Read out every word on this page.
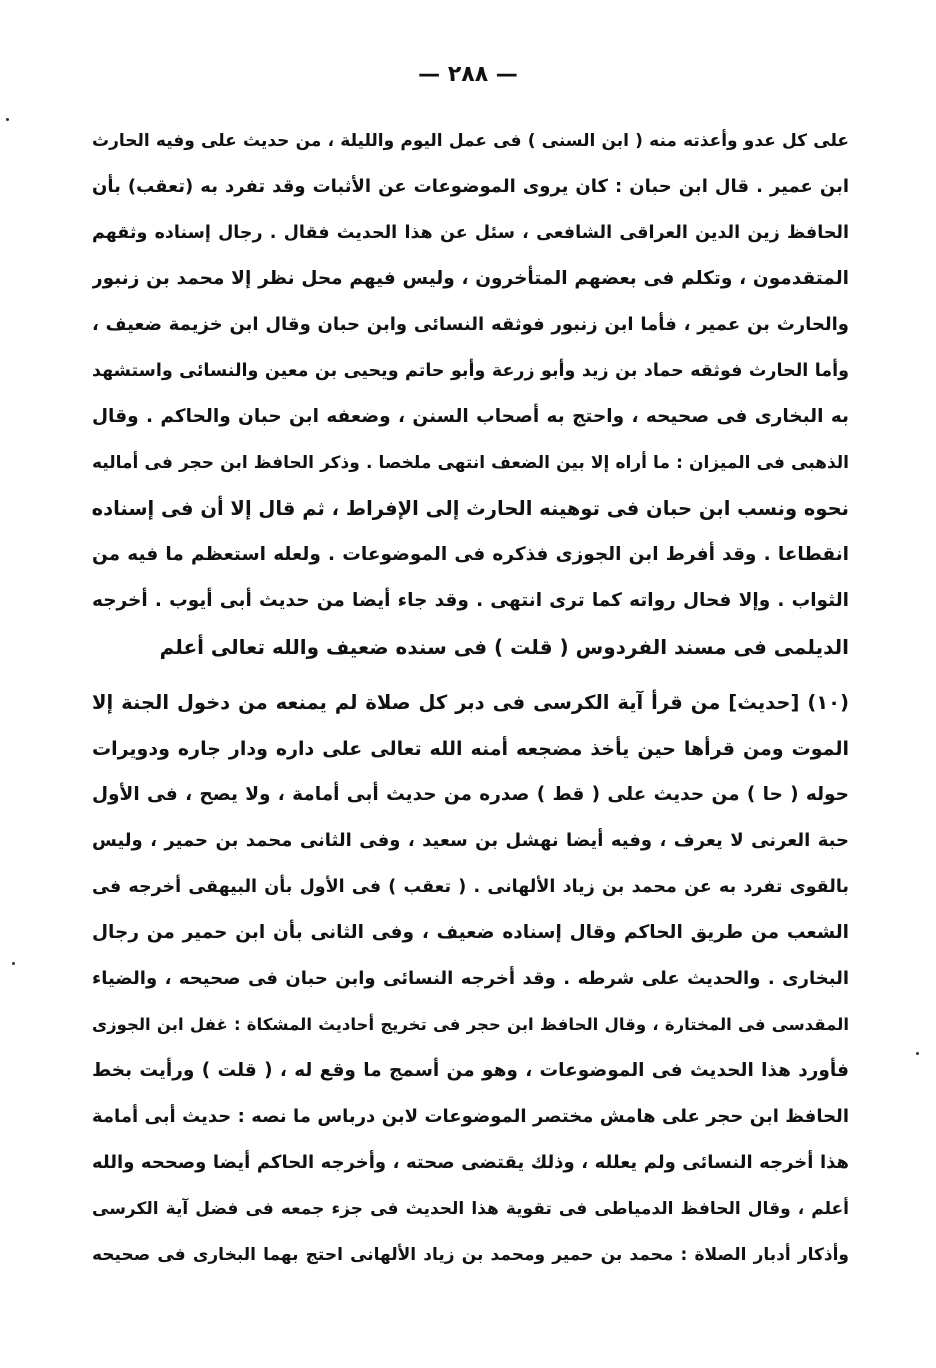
— ٢٨٨ —
على كل عدو وأعذته منه ( ابن السنى ) فى عمل اليوم والليلة ، من حديث على وفيه الحارث
ابن عمير . قال ابن حبان : كان يروى الموضوعات عن الأثبات وقد تفرد به (تعقب) بأن
الحافظ زين الدين العراقى الشافعى ، سئل عن هذا الحديث فقال . رجال إسناده وثقهم
المتقدمون ، وتكلم فى بعضهم المتأخرون ، وليس فيهم محل نظر إلا محمد بن زنبور
والحارث بن عمير ، فأما ابن زنبور فوثقه النسائى وابن حبان وقال ابن خزيمة ضعيف ،
وأما الحارث فوثقه حماد بن زيد وأبو زرعة وأبو حاتم ويحيى بن معين والنسائى واستشهد
به البخارى فى صحيحه ، واحتج به أصحاب السنن ، وضعفه ابن حبان والحاكم . وقال
الذهبى فى الميزان : ما أراه إلا بين الضعف انتهى ملخصا . وذكر الحافظ ابن حجر فى أماليه
نحوه ونسب ابن حبان فى توهينه الحارث إلى الإفراط ، ثم قال إلا أن فى إسناده
انقطاعا . وقد أفرط ابن الجوزى فذكره فى الموضوعات . ولعله استعظم ما فيه من
الثواب . وإلا فحال رواته كما ترى انتهى . وقد جاء أيضا من حديث أبى أيوب . أخرجه
الديلمى فى مسند الفردوس ( قلت ) فى سنده ضعيف والله تعالى أعلم
(١٠) [حديث] من قرأ آية الكرسى فى دبر كل صلاة لم يمنعه من دخول الجنة إلا
الموت ومن قرأها حين يأخذ مضجعه أمنه الله تعالى على داره ودار جاره ودويرات
حوله ( حا ) من حديث على ( قط ) صدره من حديث أبى أمامة ، ولا يصح ، فى الأول
حبة العرنى لا يعرف ، وفيه أيضا نهشل بن سعيد ، وفى الثانى محمد بن حمير ، وليس
بالقوى تفرد به عن محمد بن زياد الألهانى . ( تعقب ) فى الأول بأن البيهقى أخرجه فى
الشعب من طريق الحاكم وقال إسناده ضعيف ، وفى الثانى بأن ابن حمير من رجال
البخارى . والحديث على شرطه . وقد أخرجه النسائى وابن حبان فى صحيحه ، والضياء
المقدسى فى المختارة ، وقال الحافظ ابن حجر فى تخريج أحاديث المشكاة : غفل ابن الجوزى
فأورد هذا الحديث فى الموضوعات ، وهو من أسمج ما وقع له ، ( قلت ) ورأيت بخط
الحافظ ابن حجر على هامش مختصر الموضوعات لابن درباس ما نصه : حديث أبى أمامة
هذا أخرجه النسائى ولم يعلله ، وذلك يقتضى صحته ، وأخرجه الحاكم أيضا وصححه والله
أعلم ، وقال الحافظ الدمياطى فى تقوية هذا الحديث فى جزء جمعه فى فضل آية الكرسى
وأذكار أدبار الصلاة : محمد بن حمير ومحمد بن زياد الألهانى احتج بهما البخارى فى صحيحه
